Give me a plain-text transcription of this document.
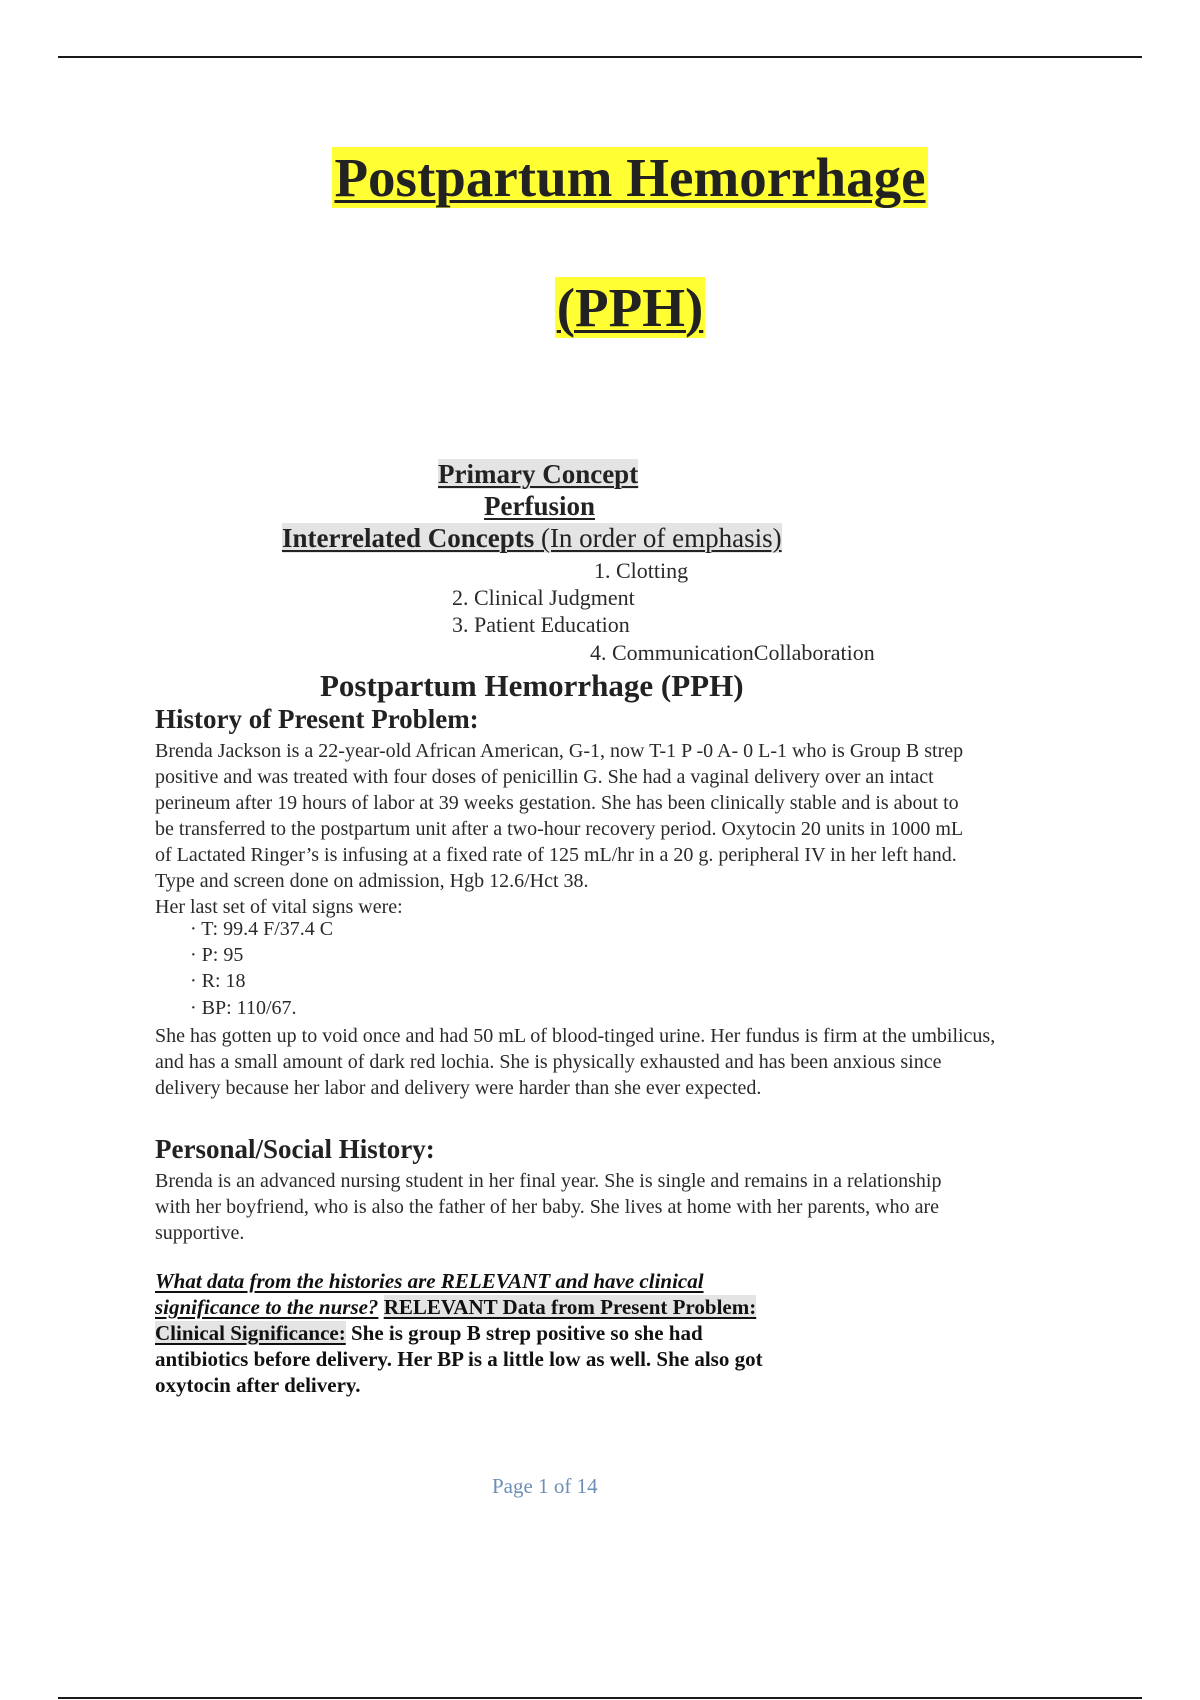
Postpartum Hemorrhage
(PPH)
Primary Concept
Perfusion
Interrelated Concepts (In order of emphasis)
1. Clotting
2. Clinical Judgment
3. Patient Education
4. CommunicationCollaboration
Postpartum Hemorrhage (PPH)
History of Present Problem:

Brenda Jackson is a 22-year-old African American, G-1, now T-1 P -0 A- 0 L-1 who is Group B strep

positive and was treated with four doses of penicillin G. She had a vaginal delivery over an intact

perineum after 19 hours of labor at 39 weeks gestation. She has been clinically stable and is about to

be transferred to the postpartum unit after a two-hour recovery period. Oxytocin 20 units in 1000 mL

of Lactated Ringer’s is infusing at a fixed rate of 125 mL/hr in a 20 g. peripheral IV in her left hand.

Type and screen done on admission, Hgb 12.6/Hct 38.

Her last set of vital signs were:

· T: 99.4 F/37.4 C
· P: 95
· R: 18
· BP: 110/67.

She has gotten up to void once and had 50 mL of blood-tinged urine. Her fundus is firm at the umbilicus,

and has a small amount of dark red lochia. She is physically exhausted and has been anxious since

delivery because her labor and delivery were harder than she ever expected.

Personal/Social History:

Brenda is an advanced nursing student in her final year. She is single and remains in a relationship

with her boyfriend, who is also the father of her baby. She lives at home with her parents, who are

supportive.

What data from the histories are RELEVANT and have clinical
significance to the nurse? RELEVANT Data from Present Problem:
Clinical Significance: She is group B strep positive so she had
antibiotics before delivery. Her BP is a little low as well. She also got
oxytocin after delivery.
Page 1 of 14
